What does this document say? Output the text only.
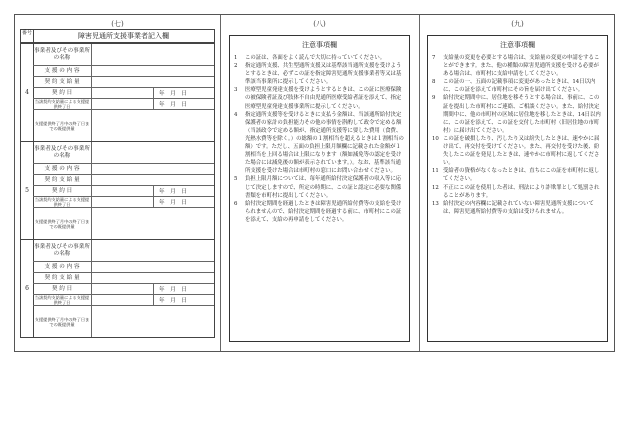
(七)	(八)	(九)
番号	障害児通所支援事業者記入欄
4
事業者及びその事業所の名称
支 援 の 内 容
契 約 支 給 量
契 約 日	年　月　日
当該契約支給量による支援提供終了日	年　月　日
支援提供終了月中の終了日までの既提供量
5
事業者及びその事業所の名称
支 援 の 内 容
契 約 支 給 量
契 約 日	年　月　日
当該契約支給量による支援提供終了日	年　月　日
支援提供終了月中の終了日までの既提供量
6
事業者及びその事業所の名称
支 援 の 内 容
契 約 支 給 量
契 約 日	年　月　日
当該契約支給量による支援提供終了日	年　月　日
支援提供終了月中の終了日までの既提供量
注意事項欄
1	この証は、各面をよく読んで大切に持っていてください。
2	指定通所支援、共生型通所支援又は基準該当通所支援を受けようとするときは、必ずこの証を指定障害児通所支援事業者等又は基準該当事業所に提示してください。
3	医療型児童発達支援を受けようとするときは、この証に医療保険の被保険者証及び肢体不自由児通所医療受給者証を添えて、指定医療型児童発達支援事業所に提示してください。
4	指定通所支援等を受けるときに支払う金額は、当該通所給付決定保護者の家計の負担能力その他の事情を斟酌して政令で定める額（当該政令で定める額が、指定通所支援等に要した費用（食費、光熱水費等を除く。）の総額の１割相当を超えるときは１割相当の額）です。ただし、五面の負担上限月額欄に記載された金額が１割相当を上回る場合は上限になります（額如減免等の認定を受けた場合には減免後の額が表示されています。）。なお、基準該当通所支援を受けた場合は市町村の窓口にお問い合わせください。
5	負担上限月額については、毎年通所給付決定保護者の収入等に応じて決定しますので、所定の時期に、この証と認定に必要な関係書類を市町村に提出してください。
6	給付決定期間を経過したときは障害児通所給付費等の支給を受けられませんので、給付決定期間を経過する前に、市町村にこの証を添えて、支給の再申請をしてください。
注意事項欄
7	支給量の変更を必要とする場合は、支給量の変更の申請をすることができます。また、他の種類の障害児通所支援を受ける必要がある場合は、市町村に支給申請をしてください。
8	この証の一、五面の記載事項に変更があったときは、14日以内に、この証を添えて市町村にその旨を届け出てください。
9	給付決定期間中に、居住地を移そうとする場合は、事前に、この証を提出した市町村にご連絡、ご相談ください。また、給付決定期間中に、他の市町村の区域に居住地を移したときは、14日以内に、この証を添えて、この証を交付した市町村（旧居住地の市町村）に届け出てください。
10 この証を破損したり、汚したり又は紛失したときは、速やかに届け出て、再交付を受けてください。また、再交付を受けた後、紛失したこの証を発見したときは、速やかに市町村に返してください。
11 受給者の資格がなくなったときは、直ちにこの証を市町村に返してください。
12 不正にこの証を使用した者は、刑法により詐欺罪として処罰されることがあります。
13 給付決定の内容欄に記載されていない障害児通所支援については、障害児通所給付費等の支給は受けられません。
